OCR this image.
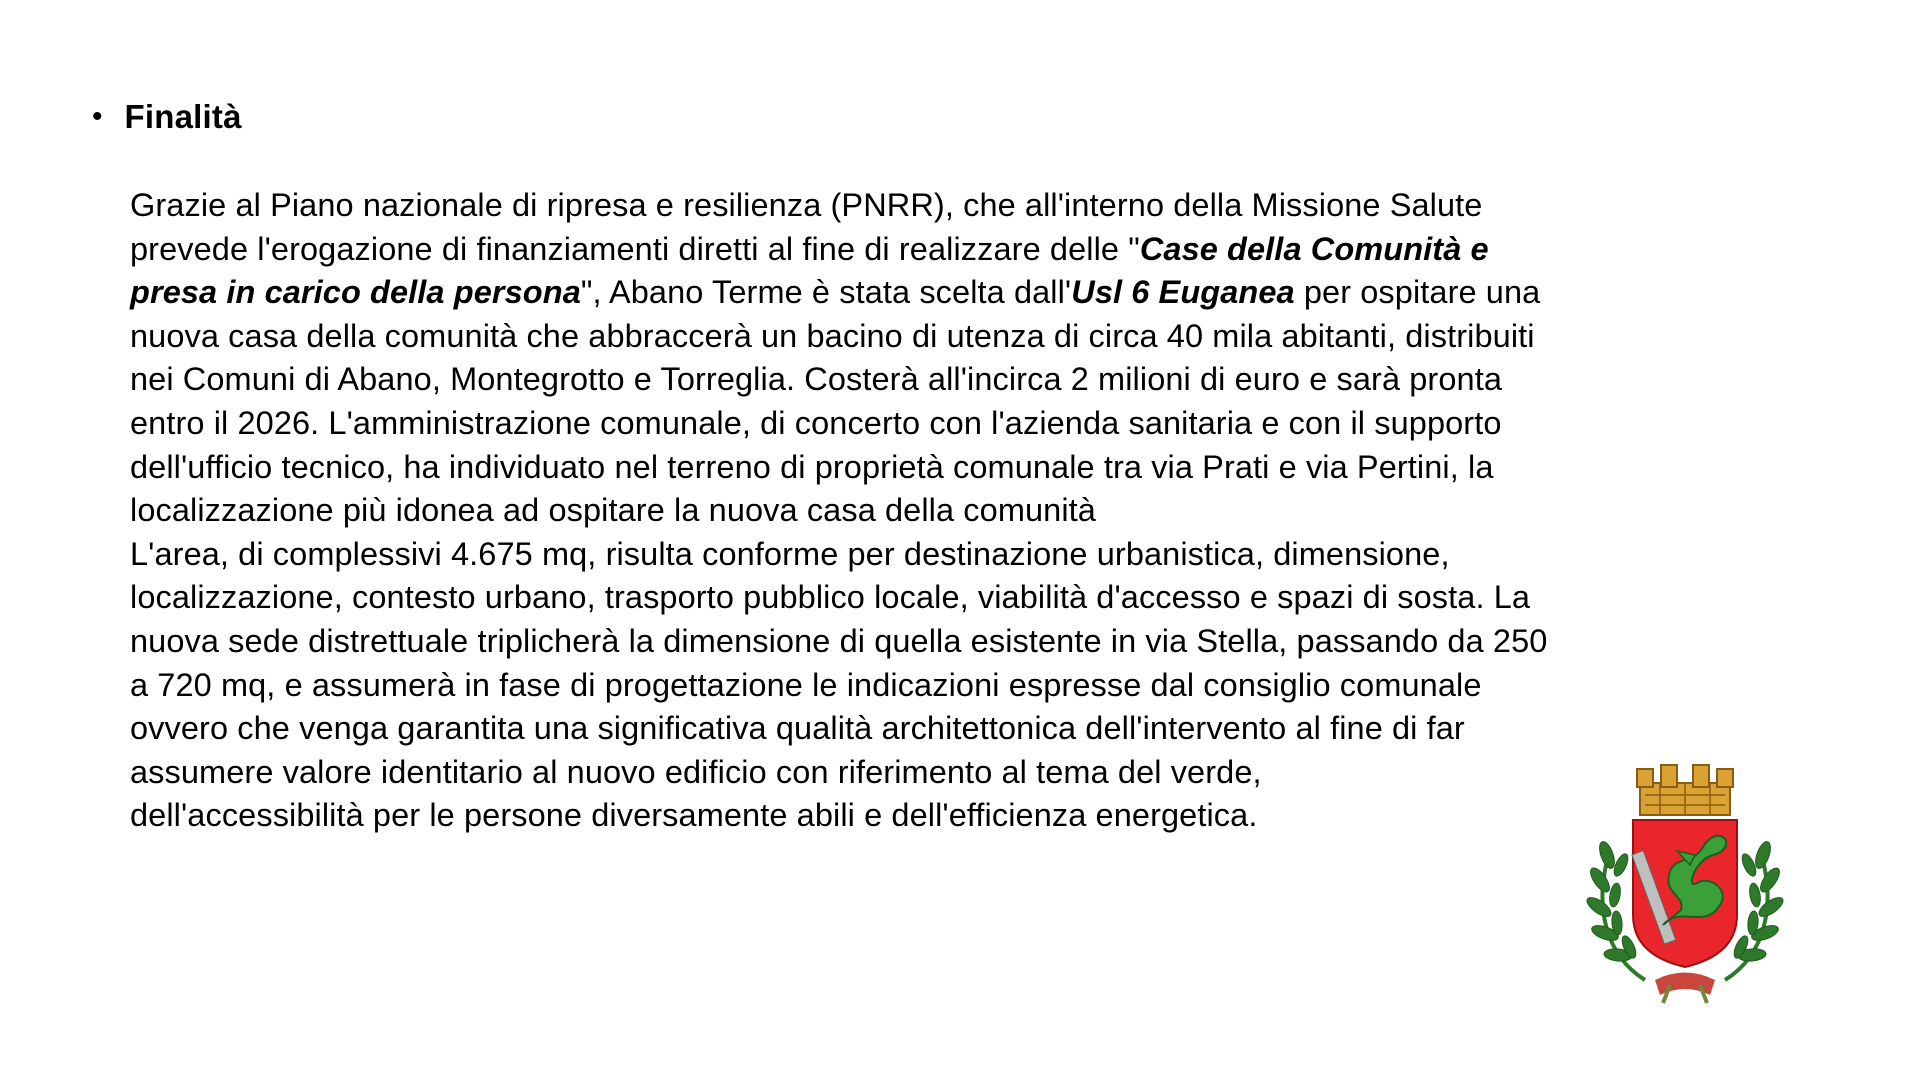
• Finalità
Grazie al Piano nazionale di ripresa e resilienza (PNRR), che all'interno della Missione Salute
prevede l'erogazione di finanziamenti diretti al fine di realizzare delle "Case della Comunità e
presa in carico della persona", Abano Terme è stata scelta dall'Usl 6 Euganea per ospitare una
nuova casa della comunità che abbraccerà un bacino di utenza di circa 40 mila abitanti, distribuiti
nei Comuni di Abano, Montegrotto e Torreglia. Costerà all'incirca 2 milioni di euro e sarà pronta
entro il 2026. L'amministrazione comunale, di concerto con l'azienda sanitaria e con il supporto
dell'ufficio tecnico, ha individuato nel terreno di proprietà comunale tra via Prati e via Pertini, la
localizzazione più idonea ad ospitare la nuova casa della comunità
L'area, di complessivi 4.675 mq, risulta conforme per destinazione urbanistica, dimensione,
localizzazione, contesto urbano, trasporto pubblico locale, viabilità d'accesso e spazi di sosta. La
nuova sede distrettuale triplicherà la dimensione di quella esistente in via Stella, passando da 250
a 720 mq, e assumerà in fase di progettazione le indicazioni espresse dal consiglio comunale
ovvero che venga garantita una significativa qualità architettonica dell'intervento al fine di far
assumere valore identitario al nuovo edificio con riferimento al tema del verde,
dell'accessibilità per le persone diversamente abili e dell'efficienza energetica.
